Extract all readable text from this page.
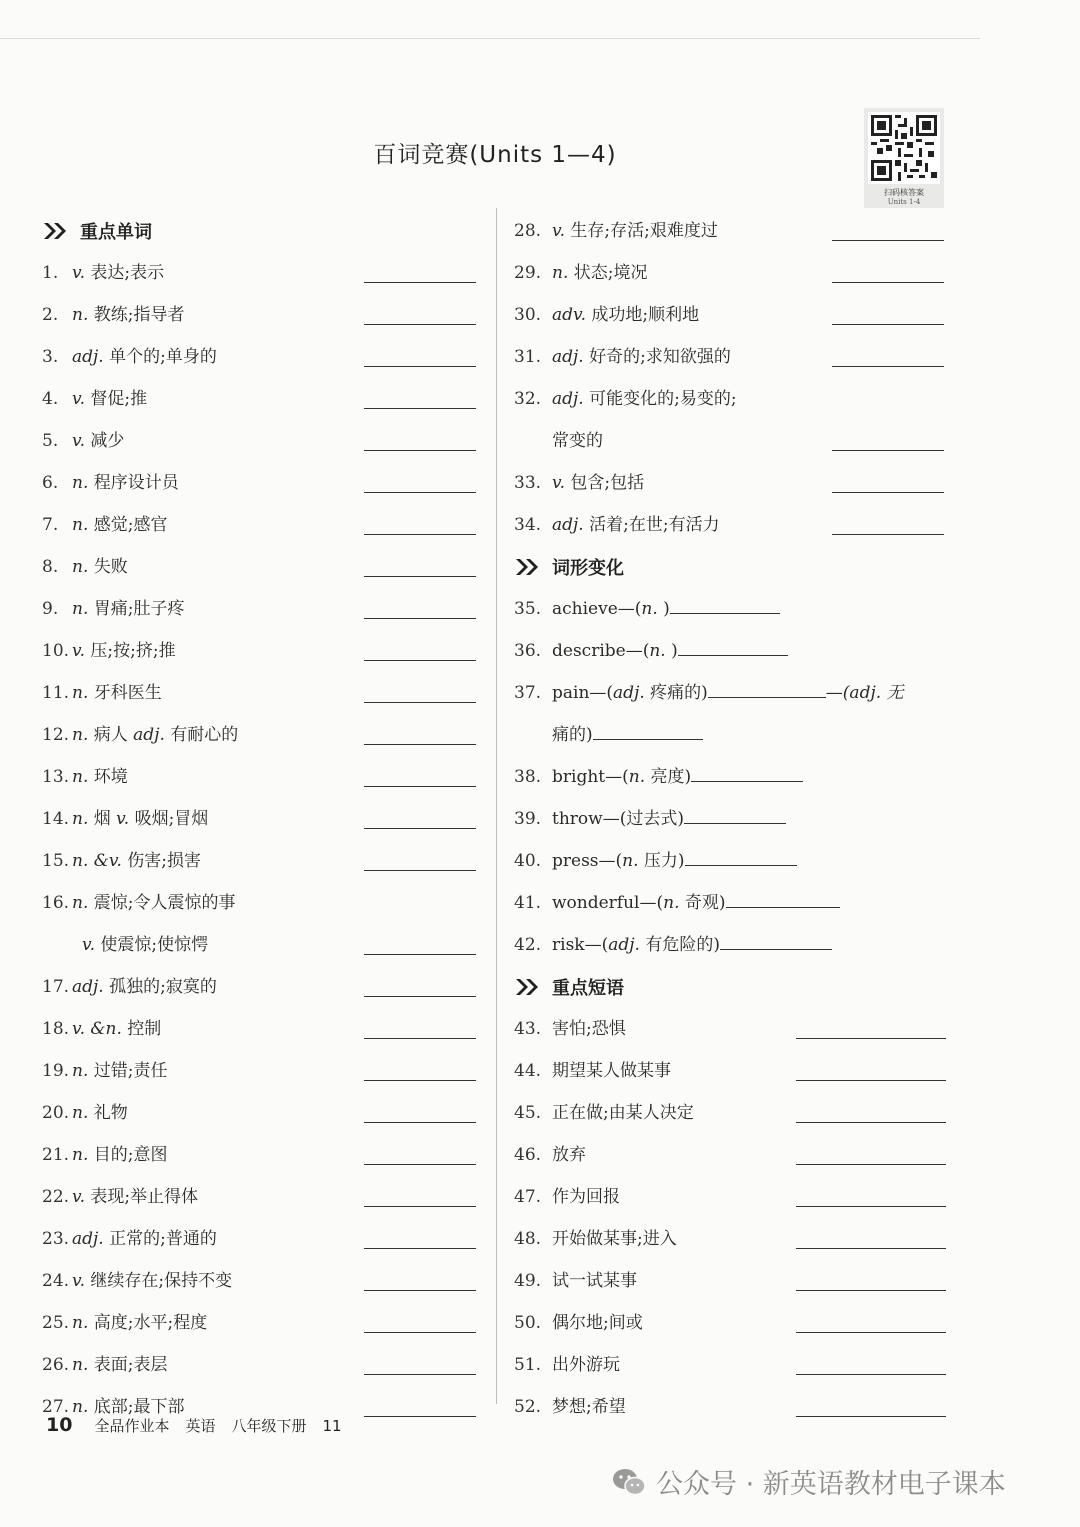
百词竞赛(Units 1—4)
扫码核答案
Units 1-4
重点单词
1. v. 表达;表示
2. n. 教练;指导者
3. adj. 单个的;单身的
4. v. 督促;推
5. v. 减少
6. n. 程序设计员
7. n. 感觉;感官
8. n. 失败
9. n. 胃痛;肚子疼
10. v. 压;按;挤;推
11. n. 牙科医生
12. n. 病人 adj. 有耐心的
13. n. 环境
14. n. 烟 v. 吸烟;冒烟
15. n. &v. 伤害;损害
16. n. 震惊;令人震惊的事
v. 使震惊;使惊愕
17. adj. 孤独的;寂寞的
18. v. &n. 控制
19. n. 过错;责任
20. n. 礼物
21. n. 目的;意图
22. v. 表现;举止得体
23. adj. 正常的;普通的
24. v. 继续存在;保持不变
25. n. 高度;水平;程度
26. n. 表面;表层
27. n. 底部;最下部
28. v. 生存;存活;艰难度过
29. n. 状态;境况
30. adv. 成功地;顺利地
31. adj. 好奇的;求知欲强的
32. adj. 可能变化的;易变的;
常变的
33. v. 包含;包括
34. adj. 活着;在世;有活力
词形变化
35. achieve—(n. )
36. describe—(n. )
37. pain—(adj. 疼痛的)	—(adj. 无
痛的)
38. bright—(n. 亮度)
39. throw—(过去式)
40. press—(n. 压力)
41. wonderful—(n. 奇观)
42. risk—(adj. 有危险的)
重点短语
43. 害怕;恐惧
44. 期望某人做某事
45. 正在做;由某人决定
46. 放弃
47. 作为回报
48. 开始做某事;进入
49. 试一试某事
50. 偶尔地;间或
51. 出外游玩
52. 梦想;希望
10 全品作业本 英语 八年级下册 11
公众号 · 新英语教材电子课本
